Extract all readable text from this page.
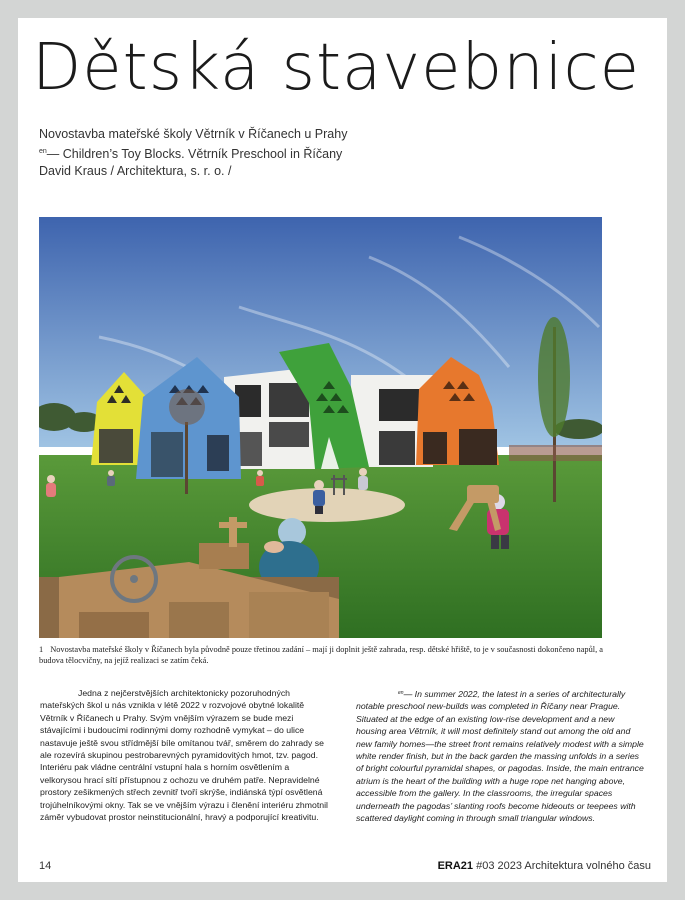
Dětská stavebnice

Novostavba mateřské školy Větrník v Říčanech u Prahy
$^{en}$— Children’s Toy Blocks. Větrník Preschool in Říčany
David Kraus / Architektura, s. r. o. /

1 Novostavba mateřské školy v Říčanech byla původně pouze třetinou zadání – mají ji doplnit ještě zahrada, resp. dětské hřiště, to je v současnosti dokončeno napůl, a budova tělocvičny, na jejíž realizaci se zatím čeká.

Jedna z nejčerstvějších architektonicky pozoruhodných mateřských škol u nás vznikla v létě 2022 v rozvojové obytné lokalitě Větrník v Říčanech u Prahy. Svým vnějším výrazem se bude mezi stávajícími i budoucími rodinnými domy rozhodně vymykat – do ulice nastavuje ještě svou střídmější bíle omítanou tvář, směrem do zahrady se ale rozevírá skupinou pestrobarevných pyramidovitých hmot, tzv. pagod. Interiéru pak vládne centrální vstupní hala s horním osvětlením a velkorysou hrací sítí přístupnou z ochozu ve druhém patře. Nepravidelné prostory zešikmených střech zevnitř tvoří skrýše, indiánská týpí osvětlená trojúhelníkovými okny. Tak se ve vnějším výrazu i členění interiéru zhmotnil záměr vybudovat prostor neinstitucionální, hravý a podporující kreativitu.

$^{en}$— In summer 2022, the latest in a series of architecturally notable preschool new-builds was completed in Říčany near Prague. Situated at the edge of an existing low-rise development and a new housing area Větrník, it will most definitely stand out among the old and new family homes—the street front remains relatively modest with a simple white render finish, but in the back garden the massing unfolds in a series of bright colourful pyramidal shapes, or pagodas. Inside, the main entrance atrium is the heart of the building with a huge rope net hanging above, accessible from the gallery. In the classrooms, the irregular spaces underneath the pagodas’ slanting roofs become hideouts or teepees with scattered daylight coming in through small triangular windows.

14	ERA21 #03 2023 Architektura volného času
